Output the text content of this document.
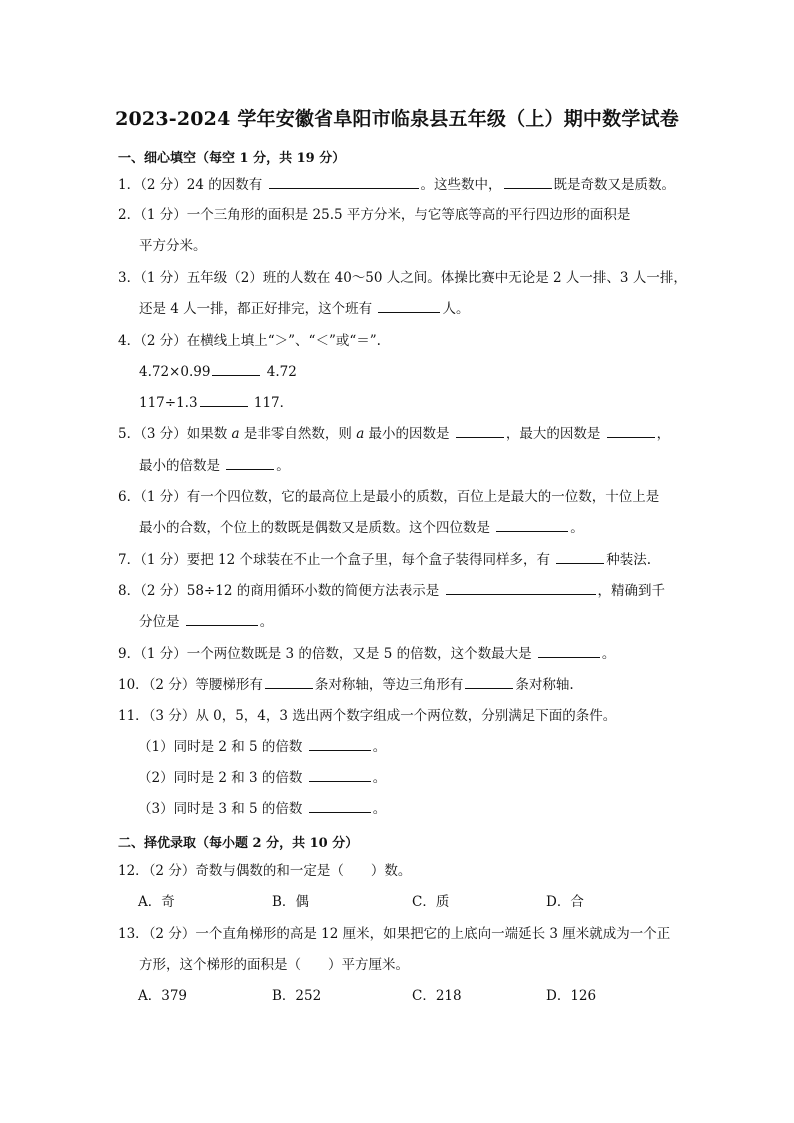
2023-2024 学年安徽省阜阳市临泉县五年级（上）期中数学试卷
一、细心填空（每空 1 分，共 19 分）
1．（2 分）24 的因数有	。这些数中，	既是奇数又是质数。
2．（1 分）一个三角形的面积是 25.5 平方分米，与它等底等高的平行四边形的面积是
平方分米。
3．（1 分）五年级（2）班的人数在 40～50 人之间。体操比赛中无论是 2 人一排、3 人一排，
还是 4 人一排，都正好排完，这个班有	人。
4．（2 分）在横线上填上“＞”、“＜”或“＝”.
4.72×0.99	4.72
117÷1.3	117．
5．（3 分）如果数 a 是非零自然数，则 a 最小的因数是	，最大的因数是	，
最小的倍数是	。
6．（1 分）有一个四位数，它的最高位上是最小的质数，百位上是最大的一位数，十位上是
最小的合数，个位上的数既是偶数又是质数。这个四位数是	。
7．（1 分）要把 12 个球装在不止一个盒子里，每个盒子装得同样多，有	种装法.
8．（2 分）58÷12 的商用循环小数的简便方法表示是	，精确到千
分位是	。
9．（1 分）一个两位数既是 3 的倍数，又是 5 的倍数，这个数最大是	。
10．（2 分）等腰梯形有	条对称轴，等边三角形有	条对称轴.
11．（3 分）从 0，5，4，3 选出两个数字组成一个两位数，分别满足下面的条件。
（1）同时是 2 和 5 的倍数	。
（2）同时是 2 和 3 的倍数	。
（3）同时是 3 和 5 的倍数	。
二、择优录取（每小题 2 分，共 10 分）
12．（2 分）奇数与偶数的和一定是（　　）数。
A．奇	B．偶	C．质	D．合
13．（2 分）一个直角梯形的高是 12 厘米，如果把它的上底向一端延长 3 厘米就成为一个正
方形，这个梯形的面积是（　　）平方厘米。
A．379	B．252	C．218	D．126
